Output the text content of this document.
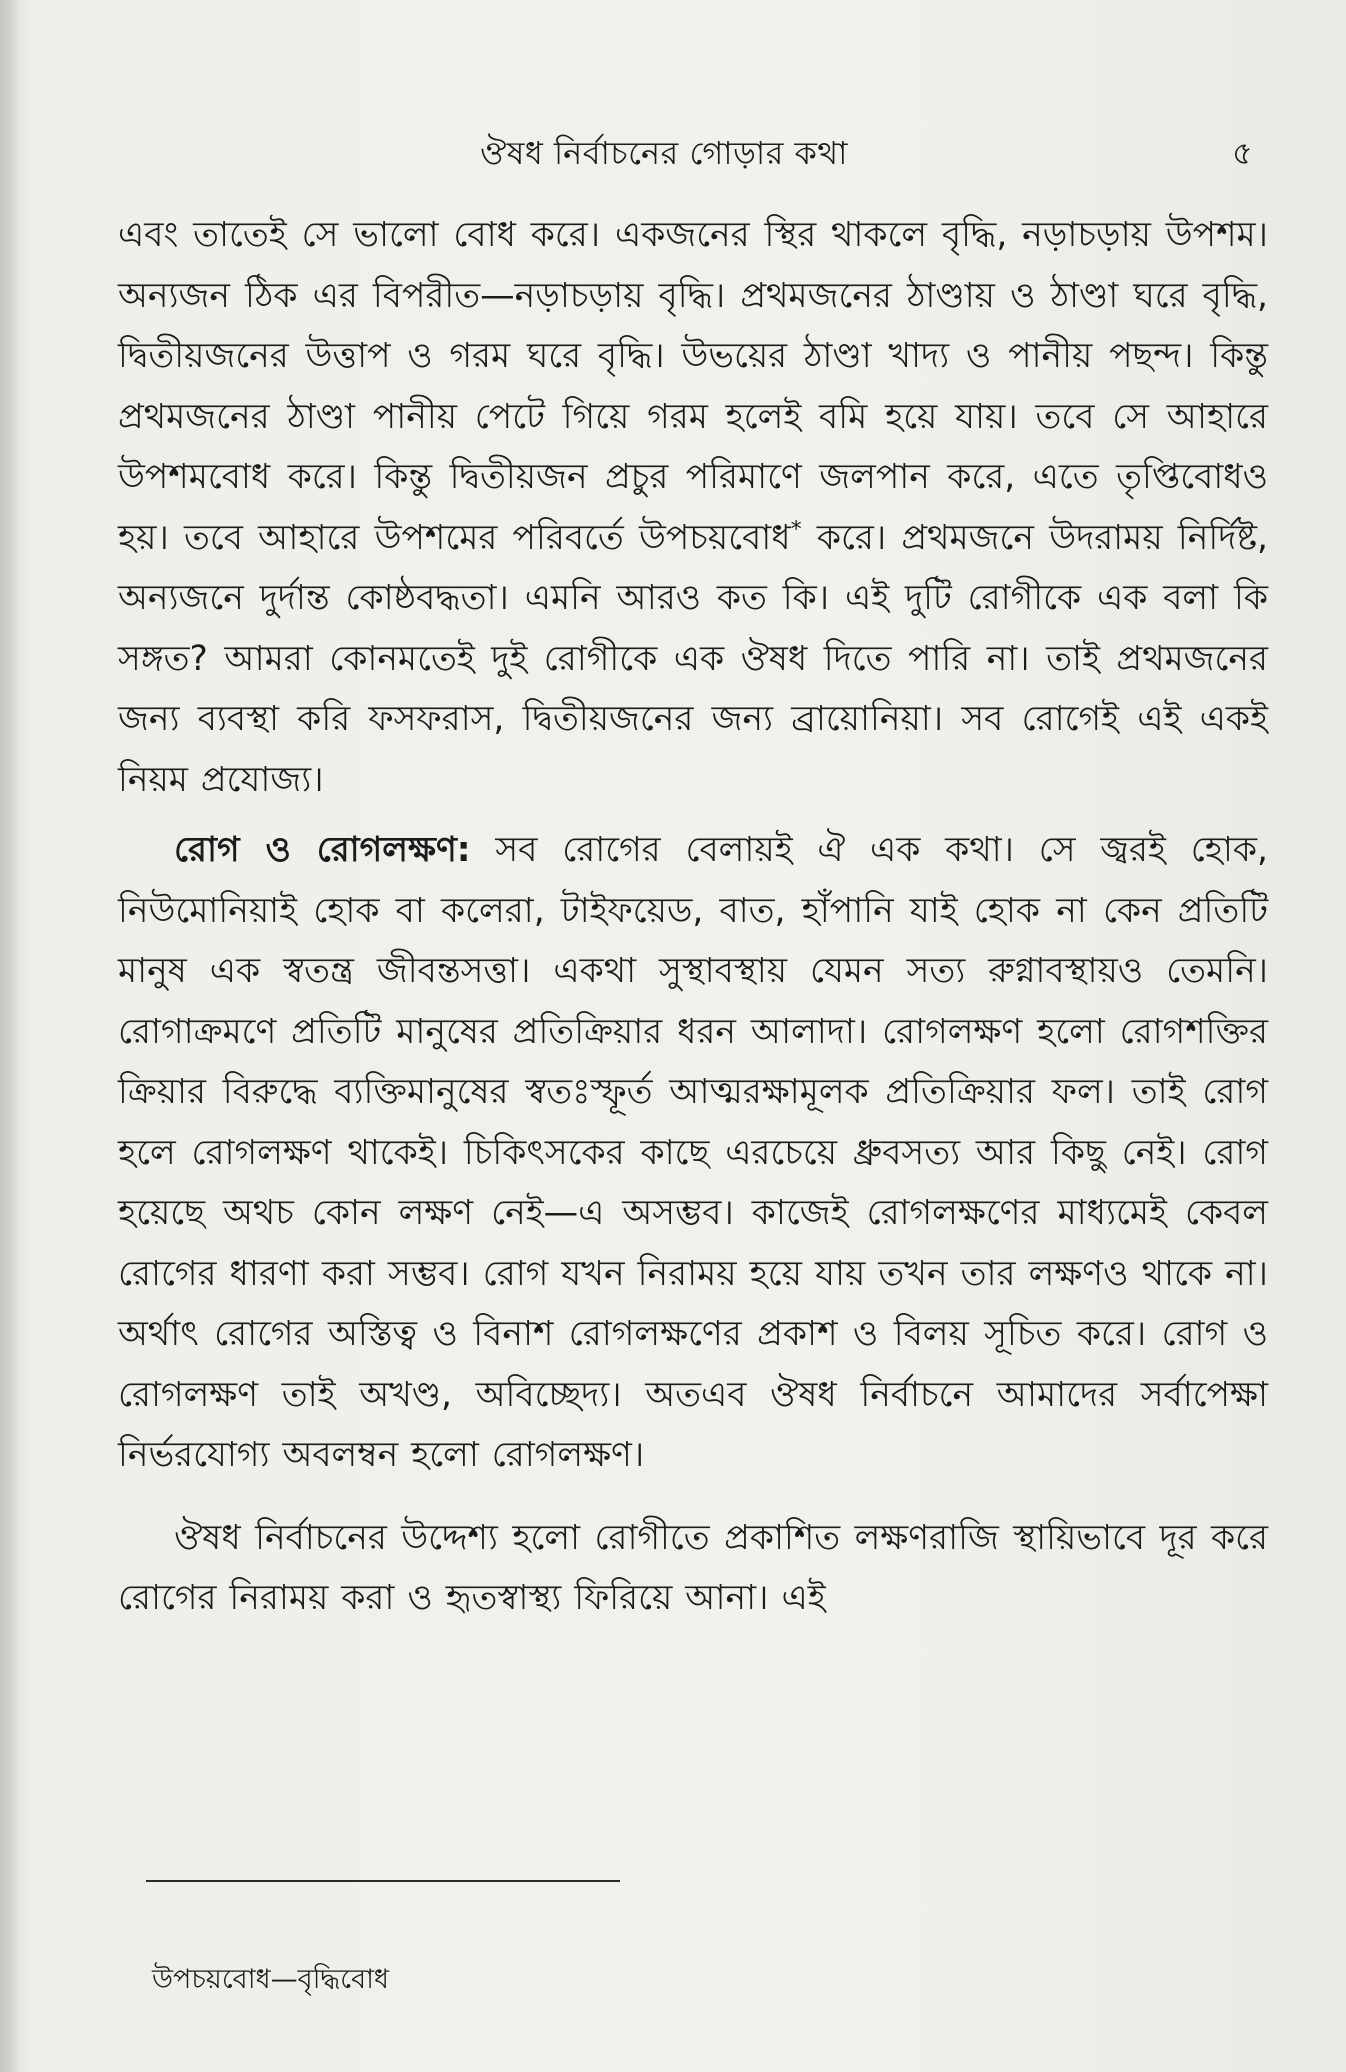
ঔষধ নির্বাচনের গোড়ার কথা	৫

এবং তাতেই সে ভালো বোধ করে। একজনের স্থির থাকলে বৃদ্ধি, নড়াচড়ায় উপশম। অন্যজন ঠিক এর বিপরীত—নড়াচড়ায় বৃদ্ধি। প্রথমজনের ঠাণ্ডায় ও ঠাণ্ডা ঘরে বৃদ্ধি, দ্বিতীয়জনের উত্তাপ ও গরম ঘরে বৃদ্ধি। উভয়ের ঠাণ্ডা খাদ্য ও পানীয় পছন্দ। কিন্তু প্রথমজনের ঠাণ্ডা পানীয় পেটে গিয়ে গরম হলেই বমি হয়ে যায়। তবে সে আহারে উপশমবোধ করে। কিন্তু দ্বিতীয়জন প্রচুর পরিমাণে জলপান করে, এতে তৃপ্তিবোধও হয়। তবে আহারে উপশমের পরিবর্তে উপচয়বোধ* করে। প্রথমজনে উদরাময় নির্দিষ্ট, অন্যজনে দুর্দান্ত কোষ্ঠবদ্ধতা। এমনি আরও কত কি। এই দুটি রোগীকে এক বলা কি সঙ্গত? আমরা কোনমতেই দুই রোগীকে এক ঔষধ দিতে পারি না। তাই প্রথমজনের জন্য ব্যবস্থা করি ফসফরাস, দ্বিতীয়জনের জন্য ব্রায়োনিয়া। সব রোগেই এই একই নিয়ম প্রযোজ্য।

রোগ ও রোগলক্ষণ: সব রোগের বেলায়ই ঐ এক কথা। সে জ্বরই হোক, নিউমোনিয়াই হোক বা কলেরা, টাইফয়েড, বাত, হাঁপানি যাই হোক না কেন প্রতিটি মানুষ এক স্বতন্ত্র জীবন্তসত্তা। একথা সুস্থাবস্থায় যেমন সত্য রুগ্নাবস্থায়ও তেমনি। রোগাক্রমণে প্রতিটি মানুষের প্রতিক্রিয়ার ধরন আলাদা। রোগলক্ষণ হলো রোগশক্তির ক্রিয়ার বিরুদ্ধে ব্যক্তিমানুষের স্বতঃস্ফূর্ত আত্মরক্ষামূলক প্রতিক্রিয়ার ফল। তাই রোগ হলে রোগলক্ষণ থাকেই। চিকিৎসকের কাছে এরচেয়ে ধ্রুবসত্য আর কিছু নেই। রোগ হয়েছে অথচ কোন লক্ষণ নেই—এ অসম্ভব। কাজেই রোগলক্ষণের মাধ্যমেই কেবল রোগের ধারণা করা সম্ভব। রোগ যখন নিরাময় হয়ে যায় তখন তার লক্ষণও থাকে না। অর্থাৎ রোগের অস্তিত্ব ও বিনাশ রোগলক্ষণের প্রকাশ ও বিলয় সূচিত করে। রোগ ও রোগলক্ষণ তাই অখণ্ড, অবিচ্ছেদ্য। অতএব ঔষধ নির্বাচনে আমাদের সর্বাপেক্ষা নির্ভরযোগ্য অবলম্বন হলো রোগলক্ষণ।

ঔষধ নির্বাচনের উদ্দেশ্য হলো রোগীতে প্রকাশিত লক্ষণরাজি স্থায়িভাবে দূর করে রোগের নিরাময় করা ও হৃতস্বাস্থ্য ফিরিয়ে আনা। এই

উপচয়বোধ—বৃদ্ধিবোধ
